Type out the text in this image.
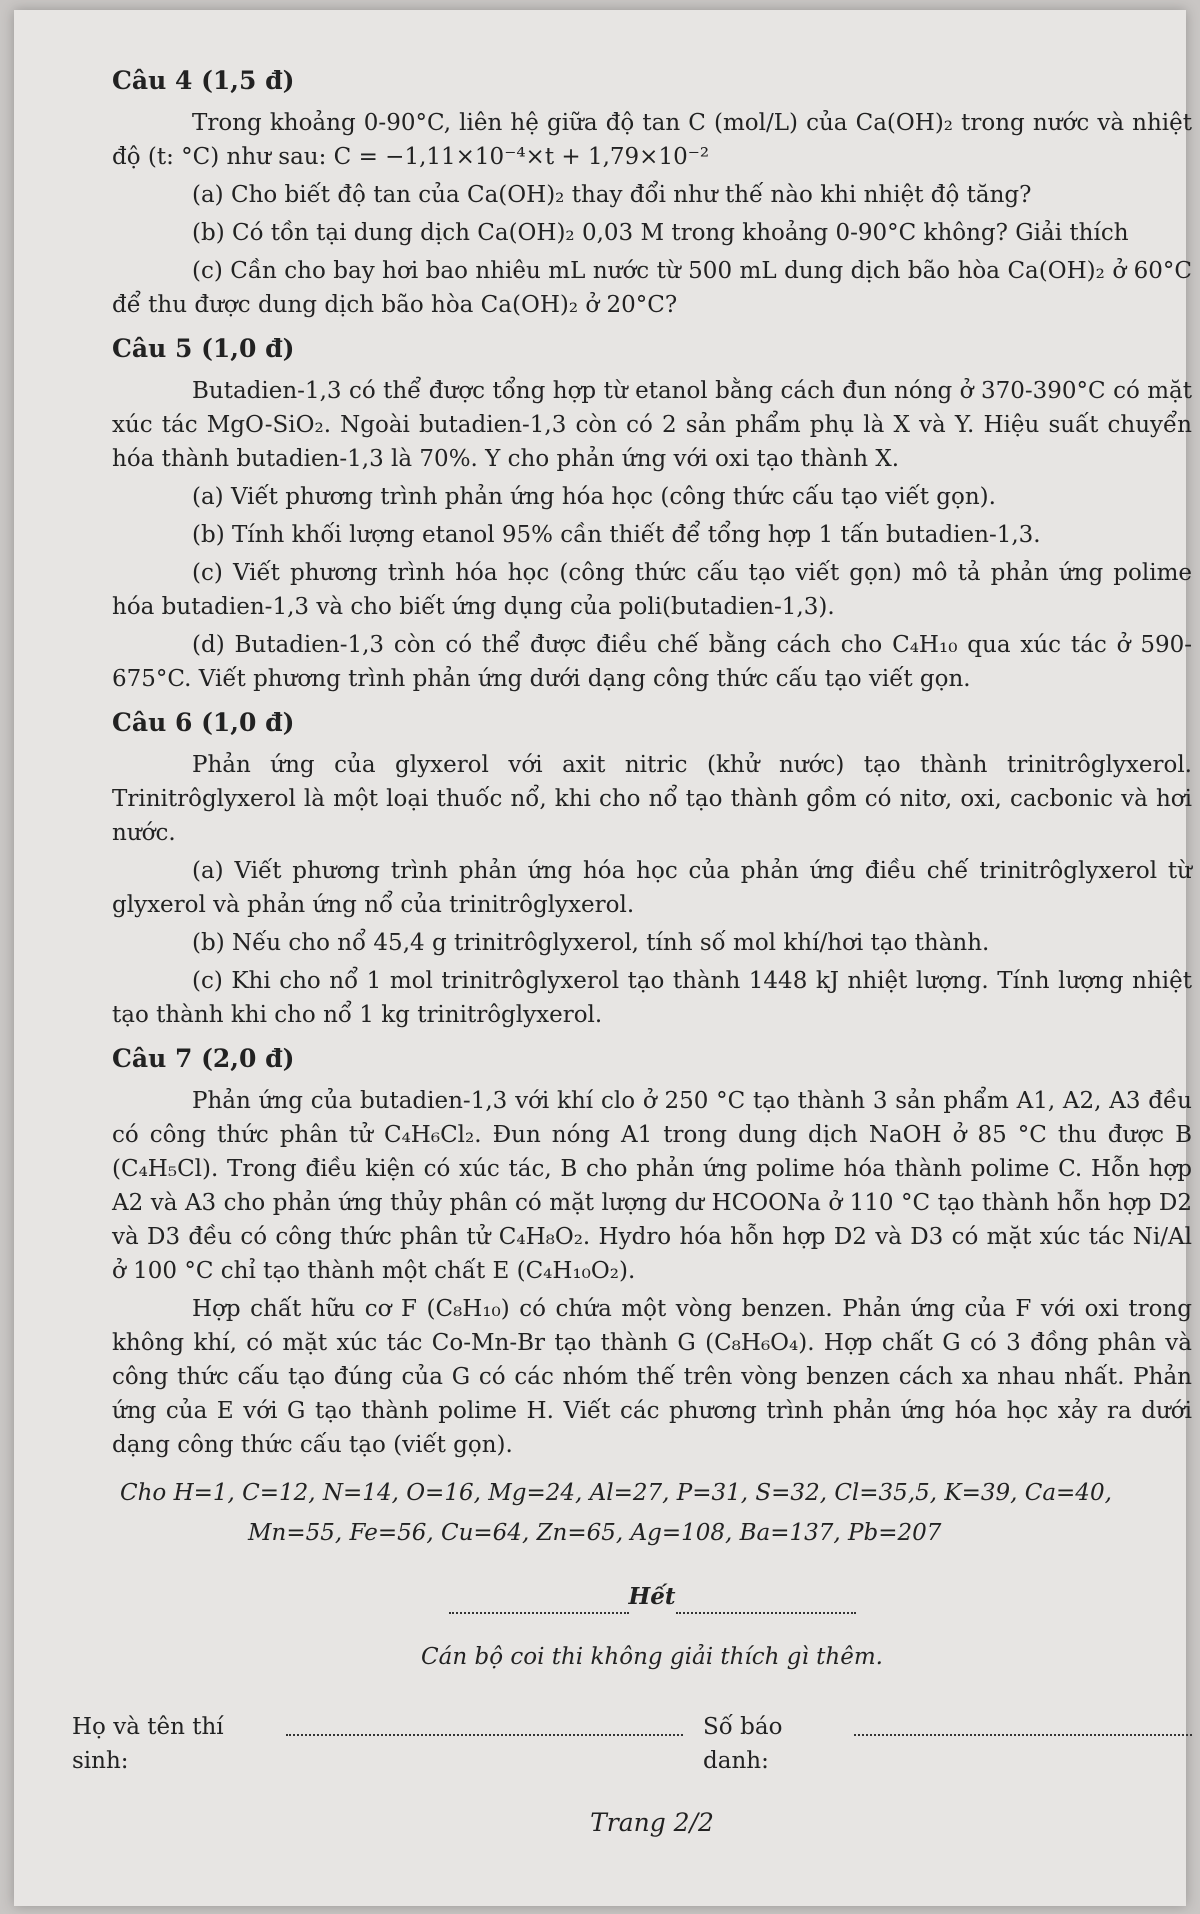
Câu 4 (1,5 đ)

Trong khoảng 0-90°C, liên hệ giữa độ tan C (mol/L) của Ca(OH)₂ trong nước và nhiệt độ (t: °C) như sau: C = −1,11×10⁻⁴×t + 1,79×10⁻²

(a) Cho biết độ tan của Ca(OH)₂ thay đổi như thế nào khi nhiệt độ tăng?

(b) Có tồn tại dung dịch Ca(OH)₂ 0,03 M trong khoảng 0-90°C không? Giải thích

(c) Cần cho bay hơi bao nhiêu mL nước từ 500 mL dung dịch bão hòa Ca(OH)₂ ở 60°C để thu được dung dịch bão hòa Ca(OH)₂ ở 20°C?

Câu 5 (1,0 đ)

Butadien-1,3 có thể được tổng hợp từ etanol bằng cách đun nóng ở 370-390°C có mặt xúc tác MgO-SiO₂. Ngoài butadien-1,3 còn có 2 sản phẩm phụ là X và Y. Hiệu suất chuyển hóa thành butadien-1,3 là 70%. Y cho phản ứng với oxi tạo thành X.

(a) Viết phương trình phản ứng hóa học (công thức cấu tạo viết gọn).

(b) Tính khối lượng etanol 95% cần thiết để tổng hợp 1 tấn butadien-1,3.

(c) Viết phương trình hóa học (công thức cấu tạo viết gọn) mô tả phản ứng polime hóa butadien-1,3 và cho biết ứng dụng của poli(butadien-1,3).

(d) Butadien-1,3 còn có thể được điều chế bằng cách cho C₄H₁₀ qua xúc tác ở 590-675°C. Viết phương trình phản ứng dưới dạng công thức cấu tạo viết gọn.

Câu 6 (1,0 đ)

Phản ứng của glyxerol với axit nitric (khử nước) tạo thành trinitrôglyxerol. Trinitrôglyxerol là một loại thuốc nổ, khi cho nổ tạo thành gồm có nitơ, oxi, cacbonic và hơi nước.

(a) Viết phương trình phản ứng hóa học của phản ứng điều chế trinitrôglyxerol từ glyxerol và phản ứng nổ của trinitrôglyxerol.

(b) Nếu cho nổ 45,4 g trinitrôglyxerol, tính số mol khí/hơi tạo thành.

(c) Khi cho nổ 1 mol trinitrôglyxerol tạo thành 1448 kJ nhiệt lượng. Tính lượng nhiệt tạo thành khi cho nổ 1 kg trinitrôglyxerol.

Câu 7 (2,0 đ)

Phản ứng của butadien-1,3 với khí clo ở 250 °C tạo thành 3 sản phẩm A1, A2, A3 đều có công thức phân tử C₄H₆Cl₂. Đun nóng A1 trong dung dịch NaOH ở 85 °C thu được B (C₄H₅Cl). Trong điều kiện có xúc tác, B cho phản ứng polime hóa thành polime C. Hỗn hợp A2 và A3 cho phản ứng thủy phân có mặt lượng dư HCOONa ở 110 °C tạo thành hỗn hợp D2 và D3 đều có công thức phân tử C₄H₈O₂. Hydro hóa hỗn hợp D2 và D3 có mặt xúc tác Ni/Al ở 100 °C chỉ tạo thành một chất E (C₄H₁₀O₂).

Hợp chất hữu cơ F (C₈H₁₀) có chứa một vòng benzen. Phản ứng của F với oxi trong không khí, có mặt xúc tác Co-Mn-Br tạo thành G (C₈H₆O₄). Hợp chất G có 3 đồng phân và công thức cấu tạo đúng của G có các nhóm thế trên vòng benzen cách xa nhau nhất. Phản ứng của E với G tạo thành polime H. Viết các phương trình phản ứng hóa học xảy ra dưới dạng công thức cấu tạo (viết gọn).

Cho H=1, C=12, N=14, O=16, Mg=24, Al=27, P=31, S=32, Cl=35,5, K=39, Ca=40,
Mn=55, Fe=56, Cu=64, Zn=65, Ag=108, Ba=137, Pb=207
Hết
Cán bộ coi thi không giải thích gì thêm.
Họ và tên thí sinh:
Số báo danh:
Trang 2/2
